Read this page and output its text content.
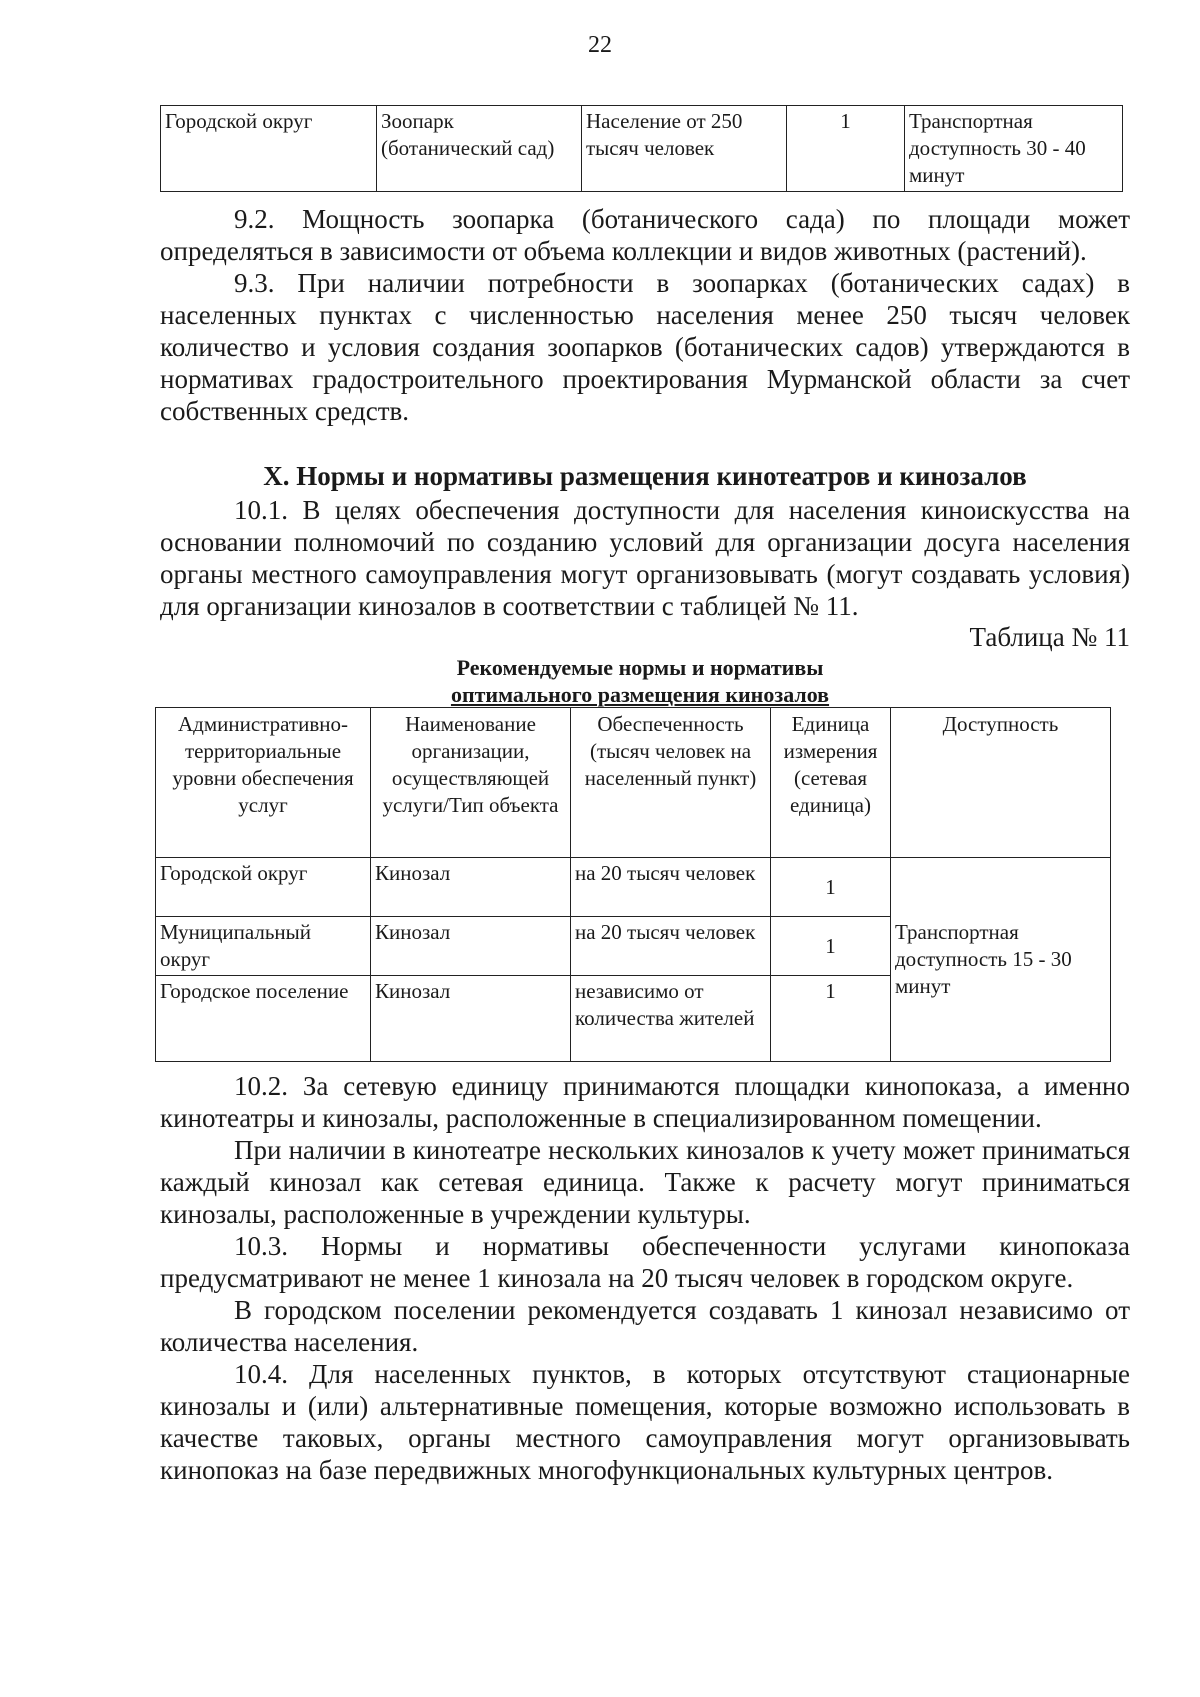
22
Городской округ	Зоопарк (ботанический сад)	Население от 250 тысяч человек	1	Транспортная доступность 30 - 40 минут
9.2. Мощность зоопарка (ботанического сада) по площади может определяться в зависимости от объема коллекции и видов животных (растений).
9.3. При наличии потребности в зоопарках (ботанических садах) в населенных пунктах с численностью населения менее 250 тысяч человек количество и условия создания зоопарков (ботанических садов) утверждаются в нормативах градостроительного проектирования Мурманской области за счет собственных средств.
X. Нормы и нормативы размещения кинотеатров и кинозалов
10.1. В целях обеспечения доступности для населения киноискусства на основании полномочий по созданию условий для организации досуга населения органы местного самоуправления могут организовывать (могут создавать условия) для организации кинозалов в соответствии с таблицей № 11.
Таблица № 11
Рекомендуемые нормы и нормативы
оптимального размещения кинозалов
Административно-территориальные уровни обеспечения услуг	Наименование организации, осуществляющей услуги/Тип объекта	Обеспеченность (тысяч человек на населенный пункт)	Единица измерения (сетевая единица)	Доступность
Городской округ	Кинозал	на 20 тысяч человек	1	Транспортная доступность 15 - 30 минут
Муниципальный округ	Кинозал	на 20 тысяч человек	1	
Городское поселение	Кинозал	независимо от количества жителей	1	
10.2. За сетевую единицу принимаются площадки кинопоказа, а именно кинотеатры и кинозалы, расположенные в специализированном помещении.
При наличии в кинотеатре нескольких кинозалов к учету может приниматься каждый кинозал как сетевая единица. Также к расчету могут приниматься кинозалы, расположенные в учреждении культуры.
10.3. Нормы и нормативы обеспеченности услугами кинопоказа предусматривают не менее 1 кинозала на 20 тысяч человек в городском округе.
В городском поселении рекомендуется создавать 1 кинозал независимо от количества населения.
10.4. Для населенных пунктов, в которых отсутствуют стационарные кинозалы и (или) альтернативные помещения, которые возможно использовать в качестве таковых, органы местного самоуправления могут организовывать кинопоказ на базе передвижных многофункциональных культурных центров.
